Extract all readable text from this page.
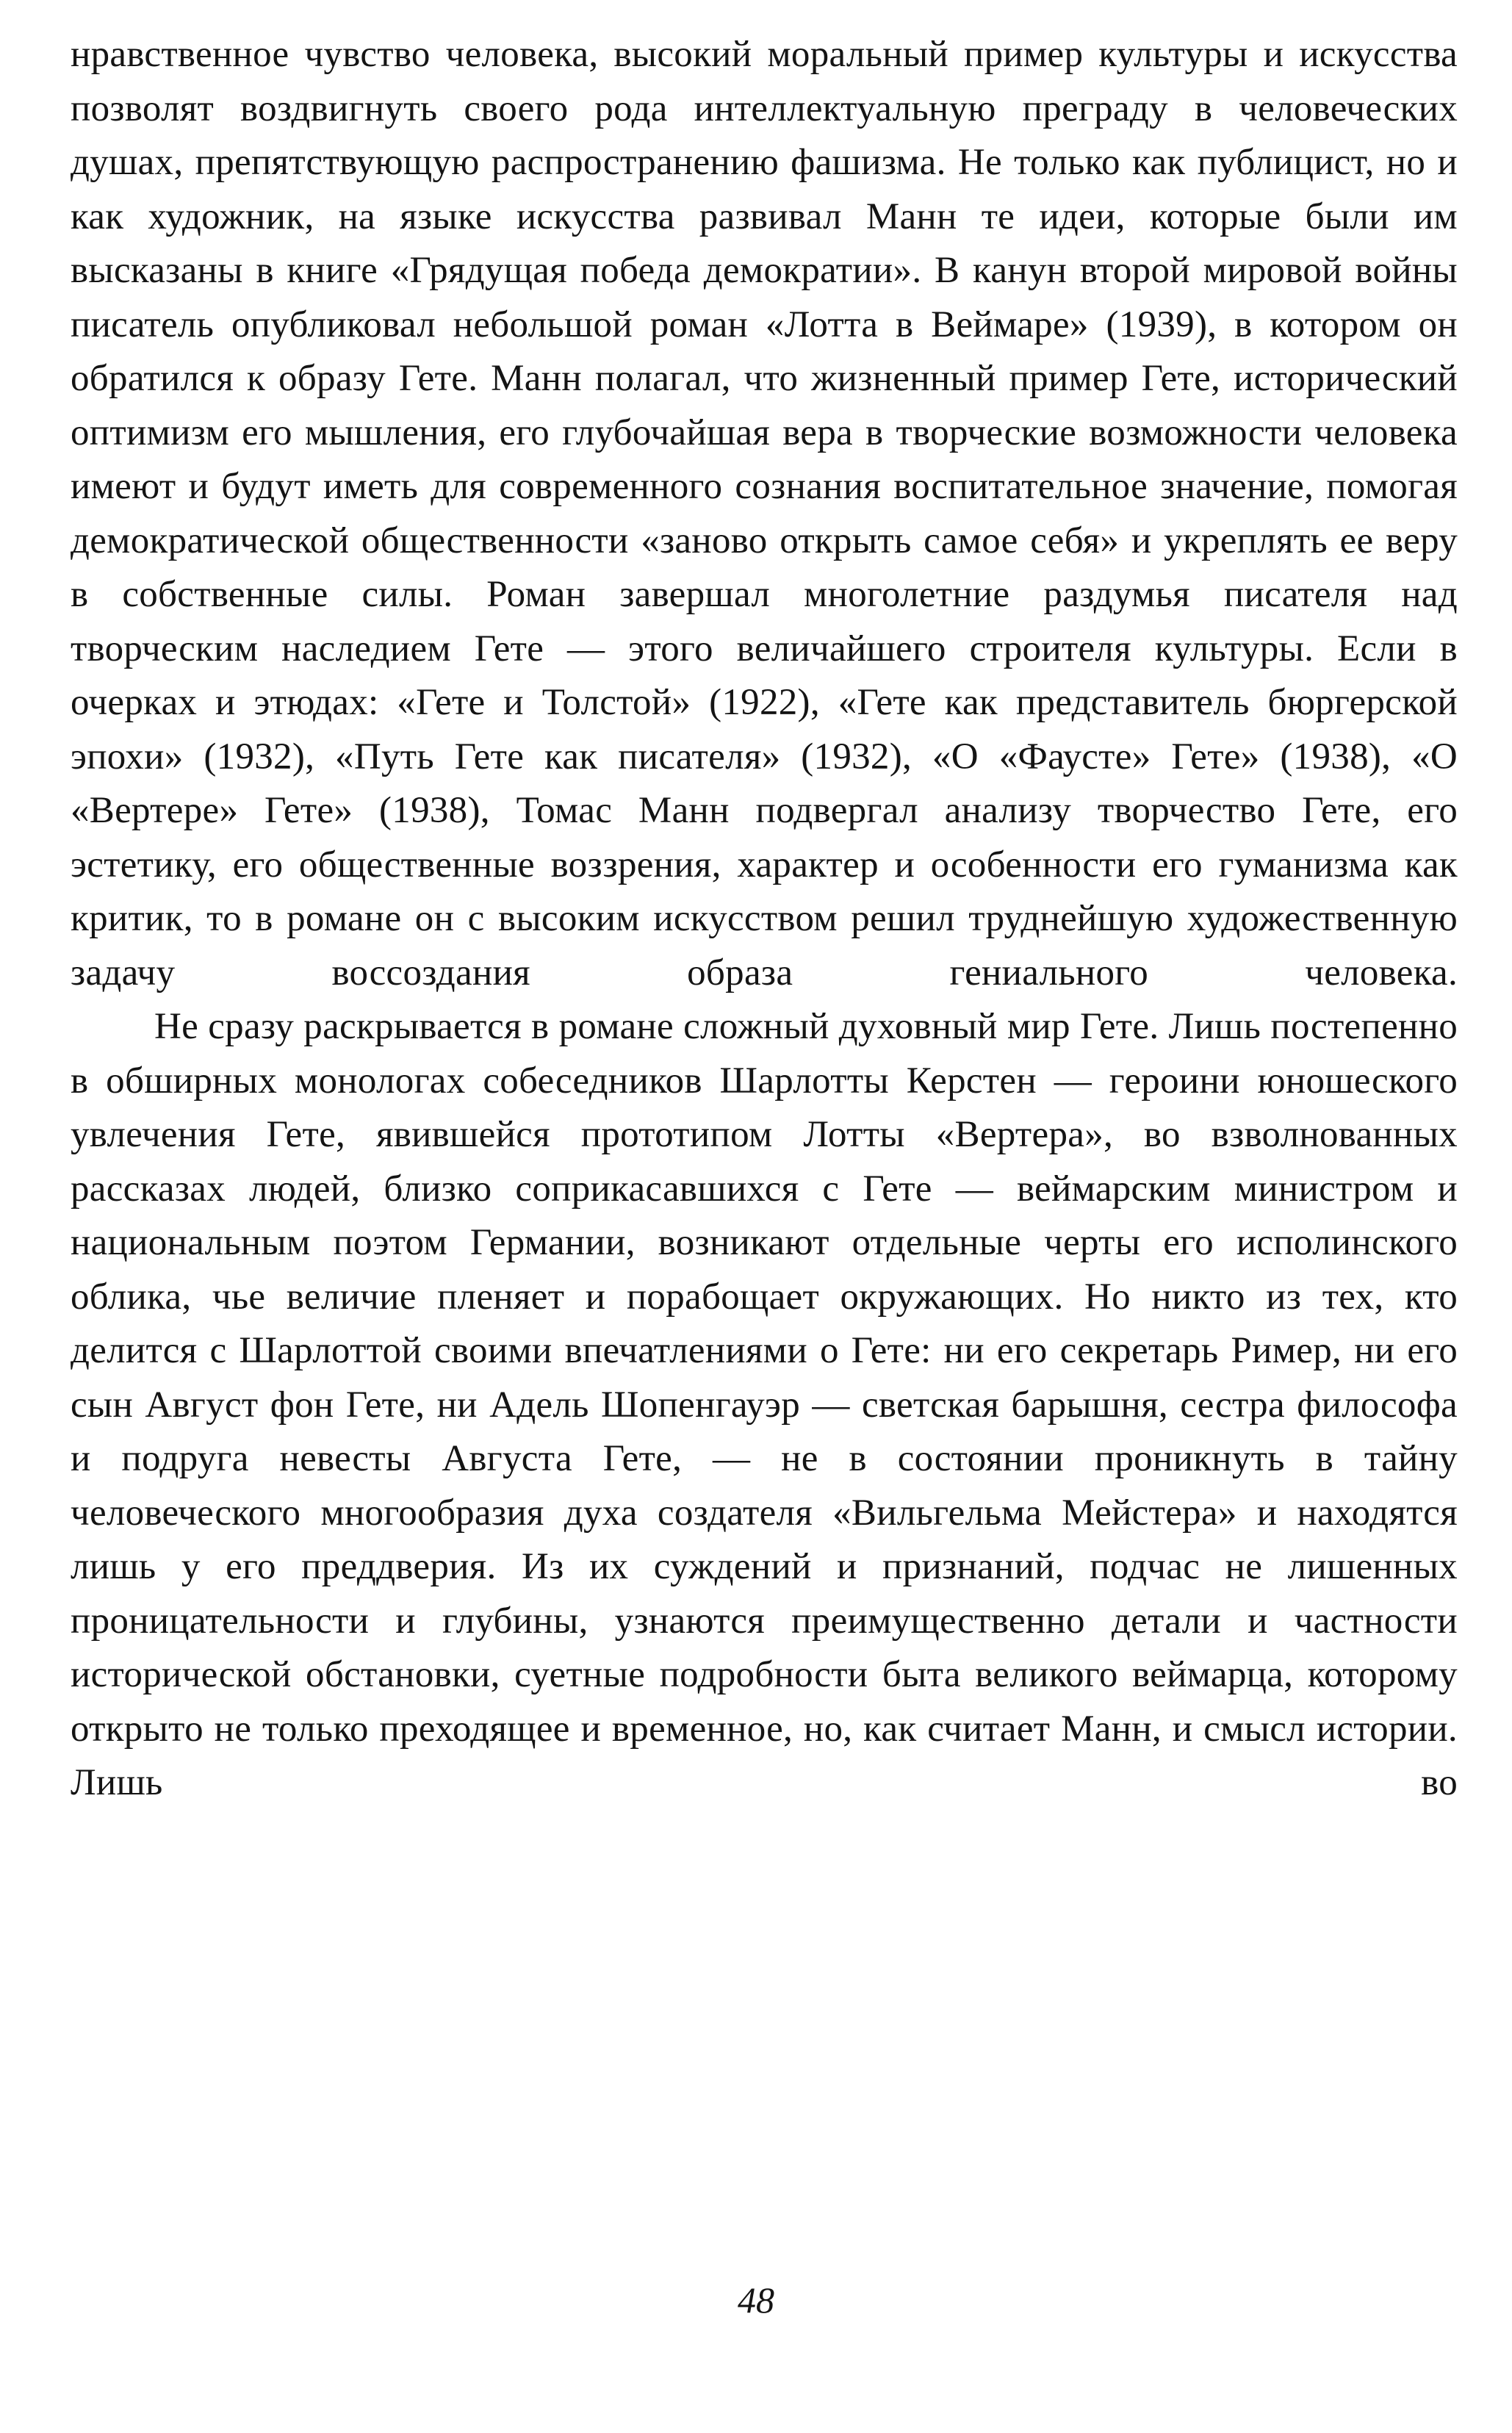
нравственное чувство человека, высокий моральный пример культуры и искусства позволят воздвигнуть своего рода интеллектуальную преграду в человеческих душах, препятствующую распространению фашизма. Не только как публицист, но и как художник, на языке искусства развивал Манн те идеи, которые были им высказаны в книге «Грядущая победа демократии». В канун второй мировой войны писатель опубликовал небольшой роман «Лотта в Веймаре» (1939), в котором он обратился к образу Гете. Манн полагал, что жизненный пример Гете, исторический оптимизм его мышления, его глубочайшая вера в творческие возможности человека имеют и будут иметь для современного сознания воспитательное значение, помогая демократической общественности «заново открыть самое себя» и укреплять ее веру в собственные силы. Роман завершал многолетние раздумья писателя над творческим наследием Гете — этого величайшего строителя культуры. Если в очерках и этюдах: «Гете и Толстой» (1922), «Гете как представитель бюргерской эпохи» (1932), «Путь Гете как писателя» (1932), «О «Фаусте» Гете» (1938), «О «Вертере» Гете» (1938), Томас Манн подвергал анализу творчество Гете, его эстетику, его общественные воззрения, характер и особенности его гуманизма как критик, то в романе он с высоким искусством решил труднейшую художественную задачу воссоздания образа гениального человека.

Не сразу раскрывается в романе сложный духовный мир Гете. Лишь постепенно в обширных монологах собеседников Шарлотты Керстен — героини юношеского увлечения Гете, явившейся прототипом Лотты «Вертера», во взволнованных рассказах людей, близко соприкасавшихся с Гете — веймарским министром и национальным поэтом Германии, возникают отдельные черты его исполинского облика, чье величие пленяет и порабощает окружающих. Но никто из тех, кто делится с Шарлоттой своими впечатлениями о Гете: ни его секретарь Ример, ни его сын Август фон Гете, ни Адель Шопенгауэр — светская барышня, сестра философа и подруга невесты Августа Гете, — не в состоянии проникнуть в тайну человеческого многообразия духа создателя «Вильгельма Мейстера» и находятся лишь у его преддверия. Из их суждений и признаний, подчас не лишенных проницательности и глубины, узнаются преимущественно детали и частности исторической обстановки, суетные подробности быта великого веймарца, которому открыто не только преходящее и временное, но, как считает Манн, и смысл истории. Лишь во

48
